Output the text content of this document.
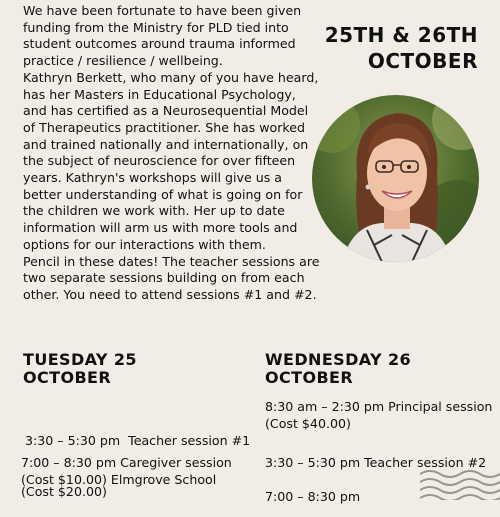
We have been fortunate to have been given funding from the Ministry for PLD tied into student outcomes around trauma informed practice / resilience / wellbeing.

Kathryn Berkett, who many of you have heard, has her Masters in Educational Psychology, and has certified as a Neurosequential Model of Therapeutics practitioner. She has worked and trained nationally and internationally, on the subject of neuroscience for over fifteen years. Kathryn's workshops will give us a better understanding of what is going on for the children we work with. Her up to date information will arm us with more tools and options for our interactions with them.

Pencil in these dates! The teacher sessions are two separate sessions building on from each other. You need to attend sessions #1 and #2.

25TH & 26TH
OCTOBER
TUESDAY 25
OCTOBER

3:30 – 5:30 pm  Teacher session #1

(Cost $20.00)

7:00 – 8:30 pm Caregiver session
(Cost $10.00) Elmgrove School
WEDNESDAY 26
OCTOBER
8:30 am – 2:30 pm Principal session
(Cost $40.00)
3:30 – 5:30 pm Teacher session #2
7:00 – 8:30 pm
